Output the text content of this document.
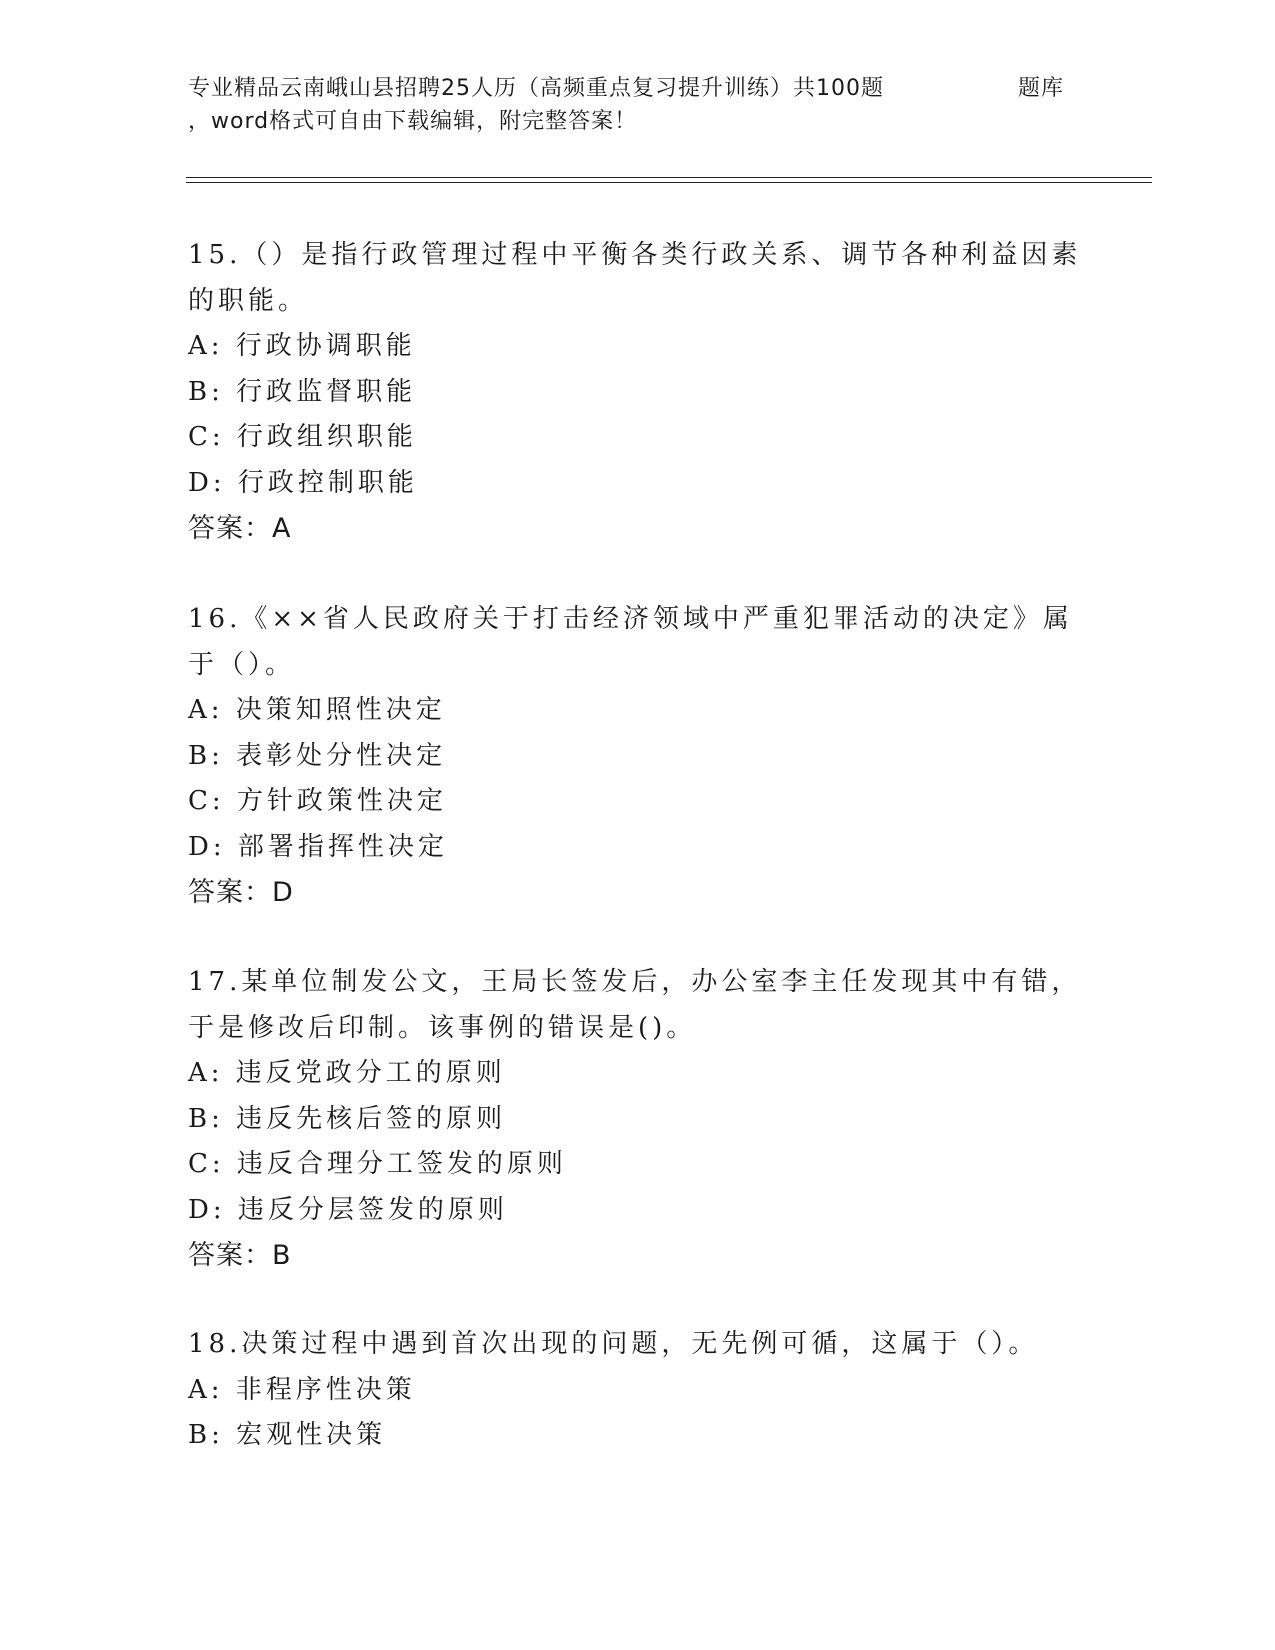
专业精品云南峨山县招聘25人历（高频重点复习提升训练）共100题	题库
，word格式可自由下载编辑，附完整答案！

15.（）是指行政管理过程中平衡各类行政关系、调节各种利益因素的职能。

A: 行政协调职能

B: 行政监督职能

C: 行政组织职能

D: 行政控制职能

答案：A

16.《××省人民政府关于打击经济领域中严重犯罪活动的决定》属于（）。

A: 决策知照性决定

B: 表彰处分性决定

C: 方针政策性决定

D: 部署指挥性决定

答案：D

17.某单位制发公文，王局长签发后，办公室李主任发现其中有错，于是修改后印制。该事例的错误是()。

A: 违反党政分工的原则

B: 违反先核后签的原则

C: 违反合理分工签发的原则

D: 违反分层签发的原则

答案：B

18.决策过程中遇到首次出现的问题，无先例可循，这属于（）。

A: 非程序性决策

B: 宏观性决策
